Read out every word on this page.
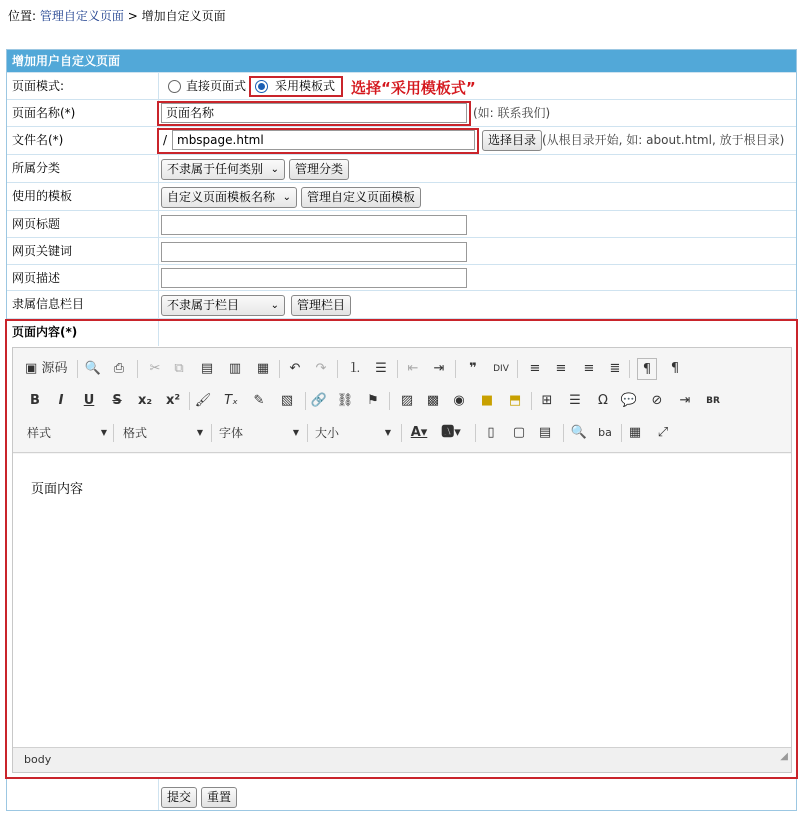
位置: 管理自定义页面 > 增加自定义页面
增加用户自定义页面
页面模式:	直接页面式 采用模板式 选择“采用模板式”
页面名称(*)	页面名称	(如: 联系我们)
文件名(*)	/ mbspage.html	选择目录 (从根目录开始, 如: about.html, 放于根目录)
所属分类	不隶属于任何类别 ⌄	管理分类
使用的模板	自定义页面模板名称 ⌄	管理自定义页面模板
网页标题
网页关键词
网页描述
隶属信息栏目	不隶属于栏目	⌄	管理栏目
页面内容(*)
提交	重置
▣ 源码 🔍 ⎙	✂	⧉	▤ ▥ ▦	↶	↷	⒈	☰	⇤	⇥	❞	DIV	≡	≡	≡	≣	¶	¶
B	I	U	S	x₂ x² 🖌 Tₓ	✎	▧ 🔗 ⛓	⚑	▨ ▩	◉	■ ⬒	⊞	☰	Ω 💬	⊘	⇥	BR
样式	▼ 格式	▼ 字体	▼ 大小	▼ A▾ 🅰▾	▯	▢ ▤ 🔍 ba ▦	⤢

页面内容

body	◢
